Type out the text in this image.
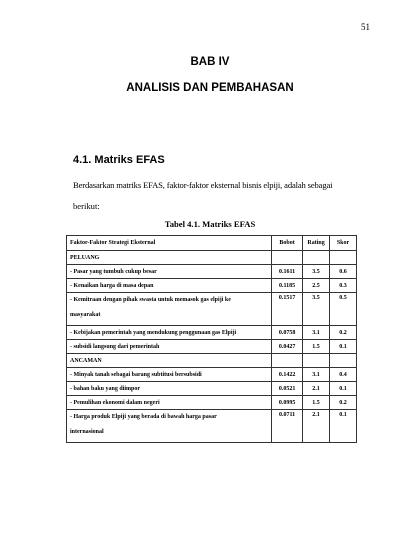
51
BAB IV
ANALISIS DAN PEMBAHASAN
4.1. Matriks EFAS
Berdasarkan matriks EFAS, faktor-faktor eksternal bisnis elpiji, adalah sebagai
berikut:
Tabel 4.1. Matriks EFAS
Faktor-Faktor Strategi Eksternal	Bobot	Rating	Skor
PELUANG			
- Pasar yang tumbuh cukup besar	0.1611	3.5	0.6
- Kenaikan harga di masa depan	0.1185	2.5	0.3

- Kemitraan dengan pihak swasta untuk memasok gas elpiji ke
masyarakat	0.1517	3.5	0.5
- Kebijakan pemerintah yang mendukung penggunaan gas Elpiji	0.0758	3.1	0.2
- subsidi langsung dari pemerintah	0.0427	1.5	0.1
ANCAMAN			
- Minyak tanah sebagai barang subtitusi bersubsidi	0.1422	3.1	0.4
- bahan baku yang diimpor	0.0521	2.1	0.1
- Pemulihan ekonomi dalam negeri	0.0995	1.5	0.2

- Harga produk Elpiji yang berada di bawah harga pasar
internasional	0.0711	2.1	0.1
